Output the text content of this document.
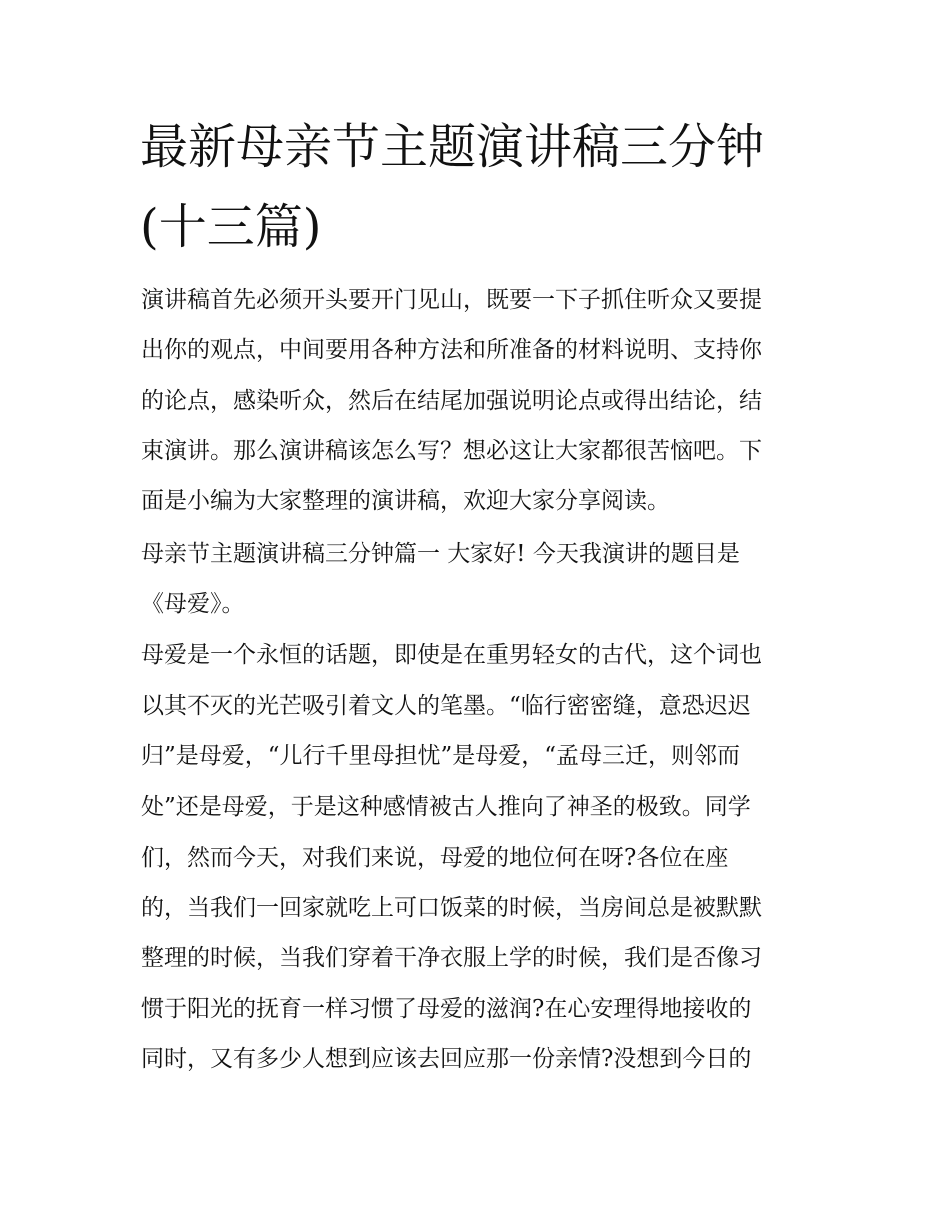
最新母亲节主题演讲稿三分钟
(十三篇)

演讲稿首先必须开头要开门见山，既要一下子抓住听众又要提

出你的观点，中间要用各种方法和所准备的材料说明、支持你

的论点，感染听众，然后在结尾加强说明论点或得出结论，结

束演讲。那么演讲稿该怎么写？想必这让大家都很苦恼吧。下

面是小编为大家整理的演讲稿，欢迎大家分享阅读。

母亲节主题演讲稿三分钟篇一 大家好! 今天我演讲的题目是

《母爱》。

母爱是一个永恒的话题，即使是在重男轻女的古代，这个词也

以其不灭的光芒吸引着文人的笔墨。“临行密密缝，意恐迟迟

归”是母爱，“儿行千里母担忧”是母爱，“孟母三迁，则邻而

处”还是母爱，于是这种感情被古人推向了神圣的极致。同学

们，然而今天，对我们来说，母爱的地位何在呀?各位在座

的，当我们一回家就吃上可口饭菜的时候，当房间总是被默默

整理的时候，当我们穿着干净衣服上学的时候，我们是否像习

惯于阳光的抚育一样习惯了母爱的滋润?在心安理得地接收的

同时，又有多少人想到应该去回应那一份亲情?没想到今日的
